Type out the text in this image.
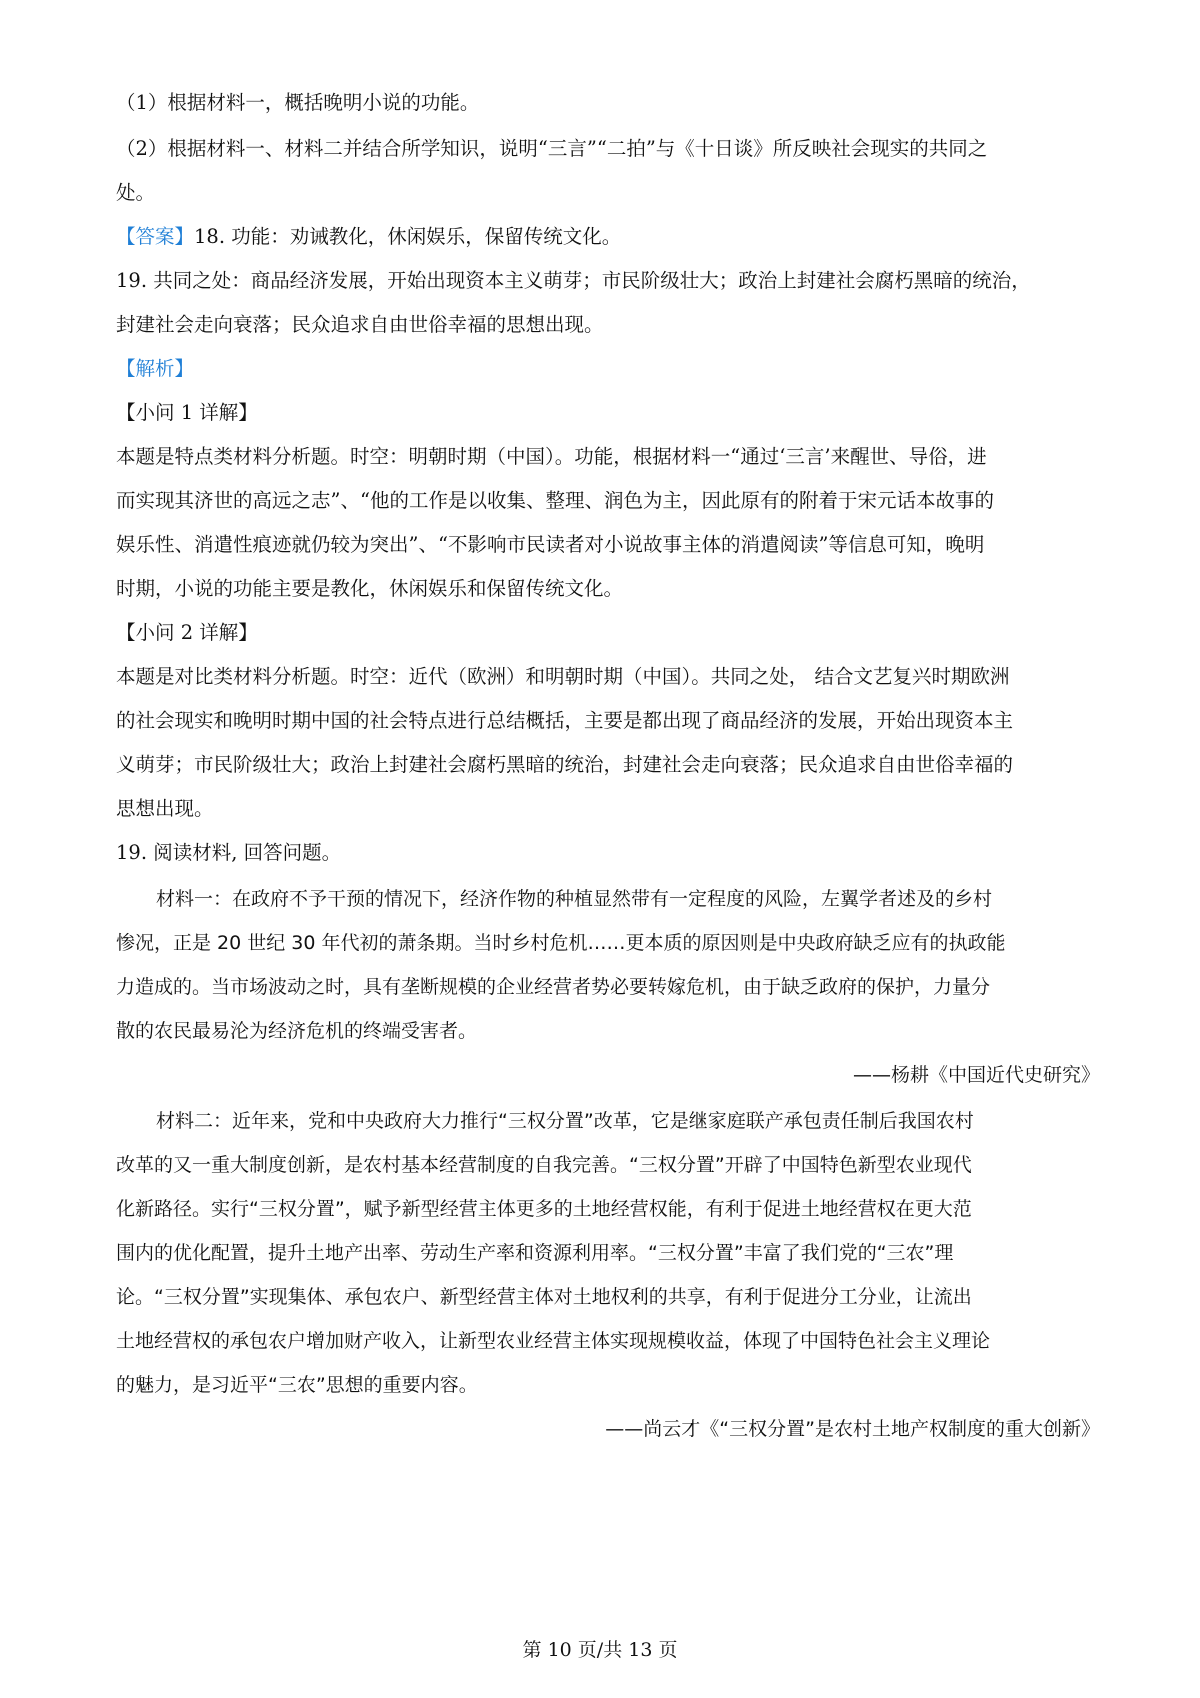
（1）根据材料一，概括晚明小说的功能。
（2）根据材料一、材料二并结合所学知识，说明“三言”“二拍”与《十日谈》所反映社会现实的共同之
处。
【答案】18. 功能：劝诫教化，休闲娱乐，保留传统文化。
19. 共同之处：商品经济发展，开始出现资本主义萌芽；市民阶级壮大；政治上封建社会腐朽黑暗的统治，
封建社会走向衰落；民众追求自由世俗幸福的思想出现。
【解析】
【小问 1 详解】
本题是特点类材料分析题。时空：明朝时期（中国）。功能，根据材料一“通过‘三言’来醒世、导俗，进
而实现其济世的高远之志”、“他的工作是以收集、整理、润色为主，因此原有的附着于宋元话本故事的
娱乐性、消遣性痕迹就仍较为突出”、“不影响市民读者对小说故事主体的消遣阅读”等信息可知，晚明
时期，小说的功能主要是教化，休闲娱乐和保留传统文化。
【小问 2 详解】
本题是对比类材料分析题。时空：近代（欧洲）和明朝时期（中国）。共同之处， 结合文艺复兴时期欧洲
的社会现实和晚明时期中国的社会特点进行总结概括，主要是都出现了商品经济的发展，开始出现资本主
义萌芽；市民阶级壮大；政治上封建社会腐朽黑暗的统治，封建社会走向衰落；民众追求自由世俗幸福的
思想出现。
19. 阅读材料, 回答问题。
材料一：在政府不予干预的情况下，经济作物的种植显然带有一定程度的风险，左翼学者述及的乡村
惨况，正是 20 世纪 30 年代初的萧条期。当时乡村危机……更本质的原因则是中央政府缺乏应有的执政能
力造成的。当市场波动之时，具有垄断规模的企业经营者势必要转嫁危机，由于缺乏政府的保护，力量分
散的农民最易沦为经济危机的终端受害者。
——杨耕《中国近代史研究》
材料二：近年来，党和中央政府大力推行“三权分置”改革，它是继家庭联产承包责任制后我国农村
改革的又一重大制度创新，是农村基本经营制度的自我完善。“三权分置”开辟了中国特色新型农业现代
化新路径。实行“三权分置”，赋予新型经营主体更多的土地经营权能，有利于促进土地经营权在更大范
围内的优化配置，提升土地产出率、劳动生产率和资源利用率。“三权分置”丰富了我们党的“三农”理
论。“三权分置”实现集体、承包农户、新型经营主体对土地权利的共享，有利于促进分工分业，让流出
土地经营权的承包农户增加财产收入，让新型农业经营主体实现规模收益，体现了中国特色社会主义理论
的魅力，是习近平“三农”思想的重要内容。
——尚云才《“三权分置”是农村土地产权制度的重大创新》
第 10 页/共 13 页
